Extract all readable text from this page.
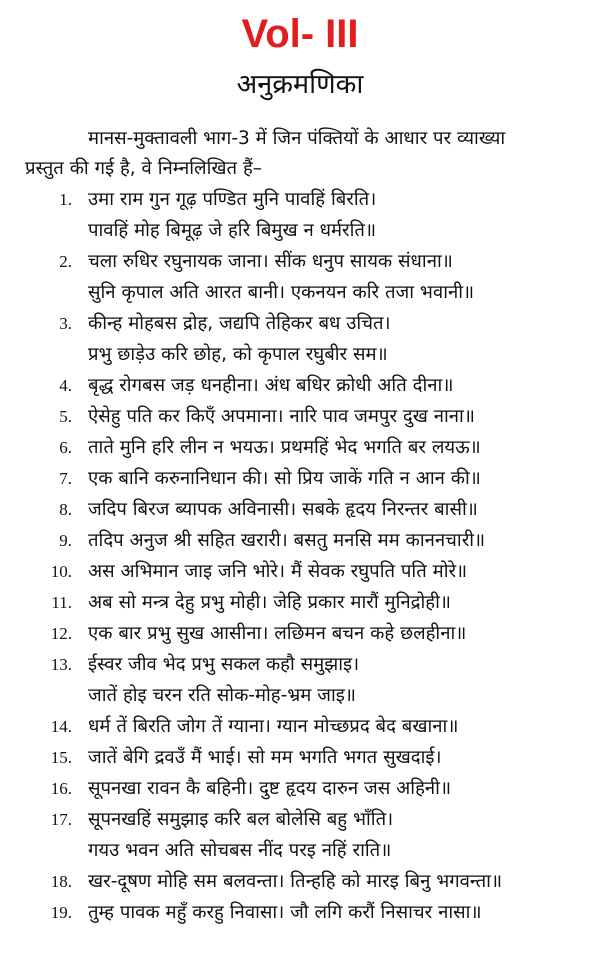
Vol- III
अनुक्रमणिका
मानस-मुक्तावली भाग-3 में जिन पंक्तियों के आधार पर व्याख्या
प्रस्तुत की गई है, वे निम्नलिखित हैं–
1. उमा राम गुन गूढ़ पण्डित मुनि पावहिं बिरति।
पावहिं मोह बिमूढ़ जे हरि बिमुख न धर्मरति॥
2. चला रुधिर रघुनायक जाना। सींक धनुप सायक संधाना॥
सुनि कृपाल अति आरत बानी। एकनयन करि तजा भवानी॥
3. कीन्ह मोहबस द्रोह, जद्यपि तेहिकर बध उचित।
प्रभु छाड़ेउ करि छोह, को कृपाल रघुबीर सम॥
4. बृद्ध रोगबस जड़ धनहीना। अंध बधिर क्रोधी अति दीना॥
5. ऐसेहु पति कर किएँ अपमाना। नारि पाव जमपुर दुख नाना॥
6. ताते मुनि हरि लीन न भयऊ। प्रथमहिं भेद भगति बर लयऊ॥
7. एक बानि करुनानिधान की। सो प्रिय जाकें गति न आन की॥
8. जदिप बिरज ब्यापक अविनासी। सबके हृदय निरन्तर बासी॥
9. तदिप अनुज श्री सहित खरारी। बसतु मनसि मम काननचारी॥
10. अस अभिमान जाइ जनि भोरे। मैं सेवक रघुपति पति मोरे॥
11. अब सो मन्त्र देहु प्रभु मोही। जेहि प्रकार मारौं मुनिद्रोही॥
12. एक बार प्रभु सुख आसीना। लछिमन बचन कहे छलहीना॥
13. ईस्वर जीव भेद प्रभु सकल कहौ समुझाइ।
जातें होइ चरन रति सोक-मोह-भ्रम जाइ॥
14. धर्म तें बिरति जोग तें ग्याना। ग्यान मोच्छप्रद बेद बखाना॥
15. जातें बेगि द्रवउँ मैं भाई। सो मम भगति भगत सुखदाई।
16. सूपनखा रावन कै बहिनी। दुष्ट हृदय दारुन जस अहिनी॥
17. सूपनखहिं समुझाइ करि बल बोलेसि बहु भाँति।
गयउ भवन अति सोचबस नींद परइ नहिं राति॥
18. खर-दूषण मोहि सम बलवन्ता। तिन्हहि को मारइ बिनु भगवन्ता॥
19. तुम्ह पावक महुँ करहु निवासा। जौ लगि करौं निसाचर नासा॥
